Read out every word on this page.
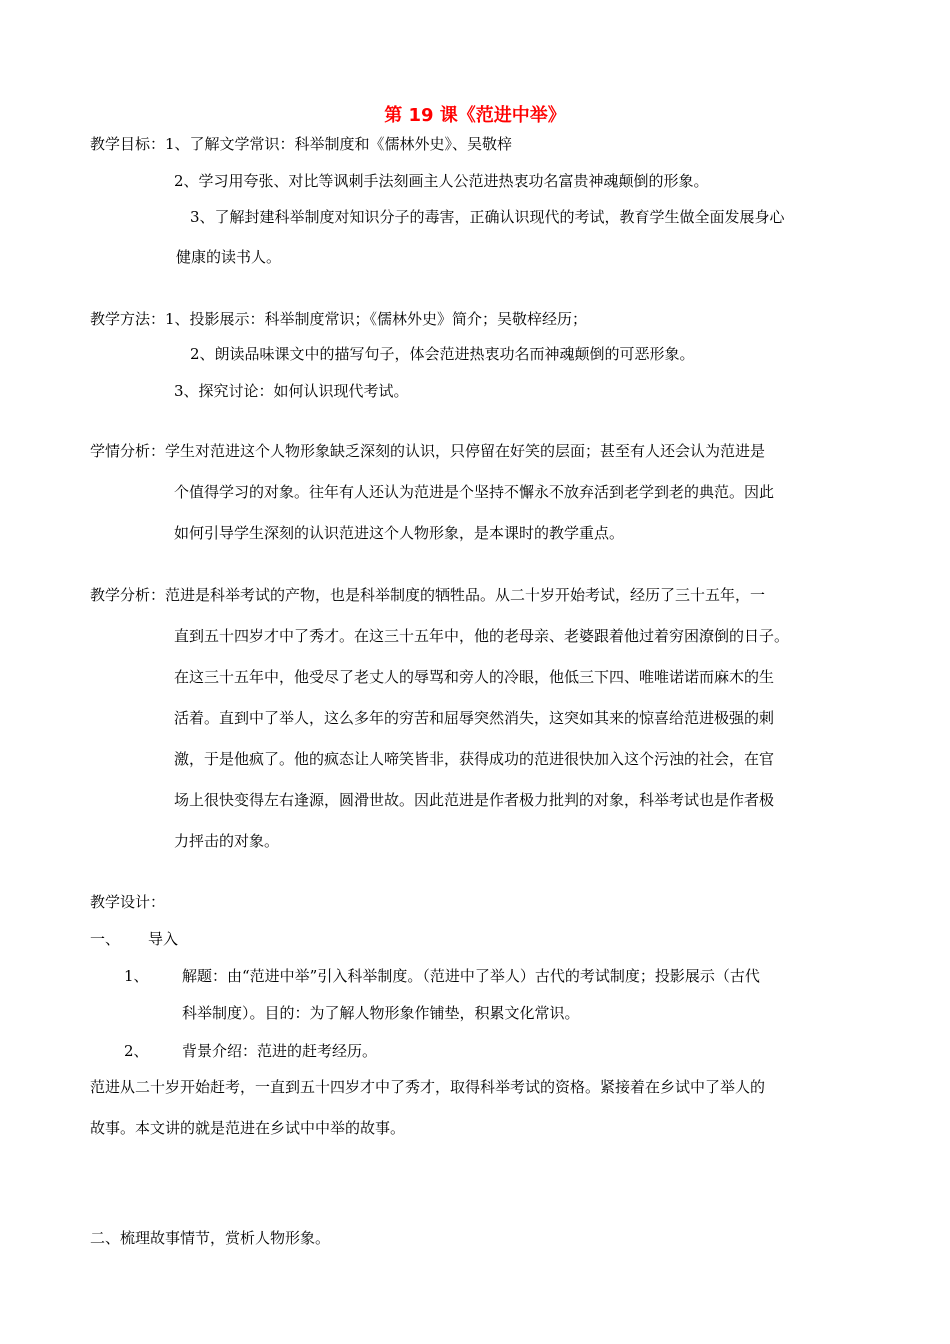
第 19 课《范进中举》
教学目标：1、了解文学常识：科举制度和《儒林外史》、吴敬梓
2、学习用夸张、对比等讽刺手法刻画主人公范进热衷功名富贵神魂颠倒的形象。
3、了解封建科举制度对知识分子的毒害，正确认识现代的考试，教育学生做全面发展身心
健康的读书人。
教学方法：1、投影展示：科举制度常识；《儒林外史》简介；吴敬梓经历；
2、朗读品味课文中的描写句子，体会范进热衷功名而神魂颠倒的可恶形象。
3、探究讨论：如何认识现代考试。
学情分析：学生对范进这个人物形象缺乏深刻的认识，只停留在好笑的层面；甚至有人还会认为范进是
个值得学习的对象。往年有人还认为范进是个坚持不懈永不放弃活到老学到老的典范。因此
如何引导学生深刻的认识范进这个人物形象，是本课时的教学重点。
教学分析：范进是科举考试的产物，也是科举制度的牺牲品。从二十岁开始考试，经历了三十五年，一
直到五十四岁才中了秀才。在这三十五年中，他的老母亲、老婆跟着他过着穷困潦倒的日子。
在这三十五年中，他受尽了老丈人的辱骂和旁人的冷眼，他低三下四、唯唯诺诺而麻木的生
活着。直到中了举人，这么多年的穷苦和屈辱突然消失，这突如其来的惊喜给范进极强的刺
激，于是他疯了。他的疯态让人啼笑皆非，获得成功的范进很快加入这个污浊的社会，在官
场上很快变得左右逢源，圆滑世故。因此范进是作者极力批判的对象，科举考试也是作者极
力抨击的对象。
教学设计：
一、 导入
1、 解题：由“范进中举”引入科举制度。（范进中了举人）古代的考试制度；投影展示（古代
科举制度）。目的：为了解人物形象作铺垫，积累文化常识。
2、 背景介绍：范进的赶考经历。
范进从二十岁开始赶考，一直到五十四岁才中了秀才，取得科举考试的资格。紧接着在乡试中了举人的
故事。本文讲的就是范进在乡试中中举的故事。
二、梳理故事情节，赏析人物形象。
